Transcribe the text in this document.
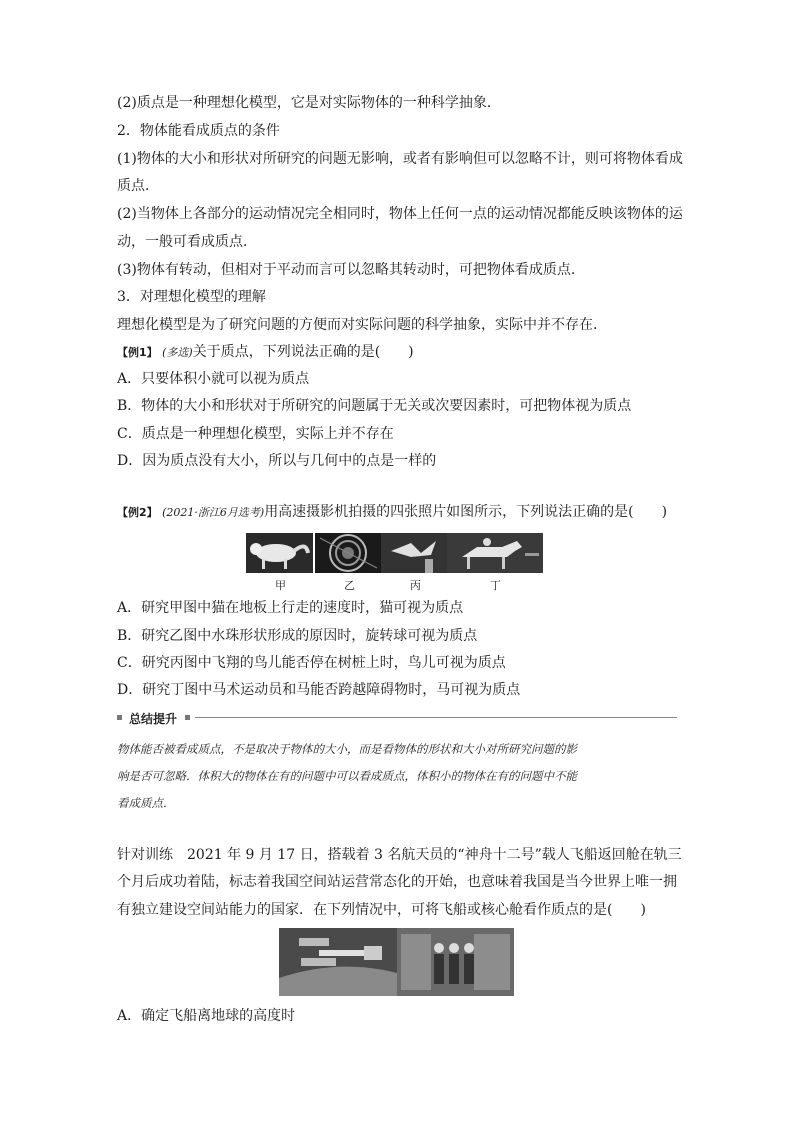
(2)质点是一种理想化模型，它是对实际物体的一种科学抽象．
2．物体能看成质点的条件
(1)物体的大小和形状对所研究的问题无影响，或者有影响但可以忽略不计，则可将物体看成
质点．
(2)当物体上各部分的运动情况完全相同时，物体上任何一点的运动情况都能反映该物体的运
动，一般可看成质点．
(3)物体有转动，但相对于平动而言可以忽略其转动时，可把物体看成质点．
3．对理想化模型的理解
理想化模型是为了研究问题的方便而对实际问题的科学抽象，实际中并不存在．
【例1】 (多选)关于质点，下列说法正确的是(　　)
A．只要体积小就可以视为质点
B．物体的大小和形状对于所研究的问题属于无关或次要因素时，可把物体视为质点
C．质点是一种理想化模型，实际上并不存在
D．因为质点没有大小，所以与几何中的点是一样的
【例2】 (2021·浙江6月选考)用高速摄影机拍摄的四张照片如图所示，下列说法正确的是(　　)
甲	乙	丙	丁
A．研究甲图中猫在地板上行走的速度时，猫可视为质点
B．研究乙图中水珠形状形成的原因时，旋转球可视为质点
C．研究丙图中飞翔的鸟儿能否停在树桩上时，鸟儿可视为质点
D．研究丁图中马术运动员和马能否跨越障碍物时，马可视为质点
总结提升
物体能否被看成质点，不是取决于物体的大小，而是看物体的形状和大小对所研究问题的影
响是否可忽略．体积大的物体在有的问题中可以看成质点，体积小的物体在有的问题中不能
看成质点．
针对训练　2021 年 9 月 17 日，搭载着 3 名航天员的“神舟十二号”载人飞船返回舱在轨三
个月后成功着陆，标志着我国空间站运营常态化的开始，也意味着我国是当今世界上唯一拥
有独立建设空间站能力的国家．在下列情况中，可将飞船或核心舱看作质点的是(　　)
A．确定飞船离地球的高度时
